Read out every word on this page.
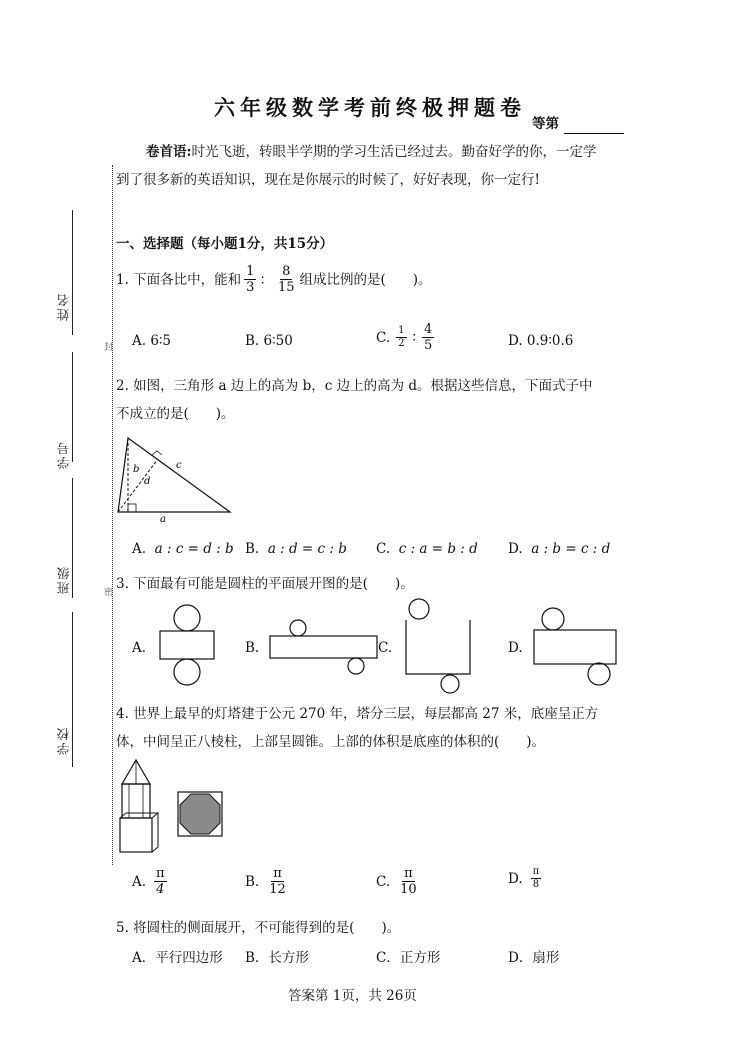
姓名
学号
班级
学校
封
密
六年级数学考前终极押题卷
等第
卷首语:时光飞逝，转眼半学期的学习生活已经过去。勤奋好学的你，一定学
到了很多新的英语知识，现在是你展示的时候了，好好表现，你一定行!
一、选择题（每小题1分，共15分）
1. 下面各比中，能和 $\frac{1}{3}$ ： $\frac{8}{15}$ 组成比例的是(　　)。
A. 6∶5	B. 6∶50	C. $\frac{1}{2}$ ∶ $\frac{4}{5}$	D. 0.9∶0.6
2. 如图，三角形 a 边上的高为 b，c 边上的高为 d。根据这些信息，下面式子中
不成立的是(　　)。
b	c
d
a
A. a : c = d : b B. a : d = c : b C. c : a = b : d D. a : b = c : d
3. 下面最有可能是圆柱的平面展开图的是(　　)。
A.	B.	C.	D.
4. 世界上最早的灯塔建于公元 270 年，塔分三层，每层都高 27 米，底座呈正方
体，中间呈正八棱柱，上部呈圆锥。上部的体积是底座的体积的(　　)。
A. $\frac{\pi}{4}$	B. $\frac{\pi}{12}$	C. $\frac{\pi}{10}$	D. $\frac{\pi}{8}$
5. 将圆柱的侧面展开，不可能得到的是(　　)。
A．平行四边形 B．长方形	C．正方形	D．扇形
答案第 1页，共 26页
